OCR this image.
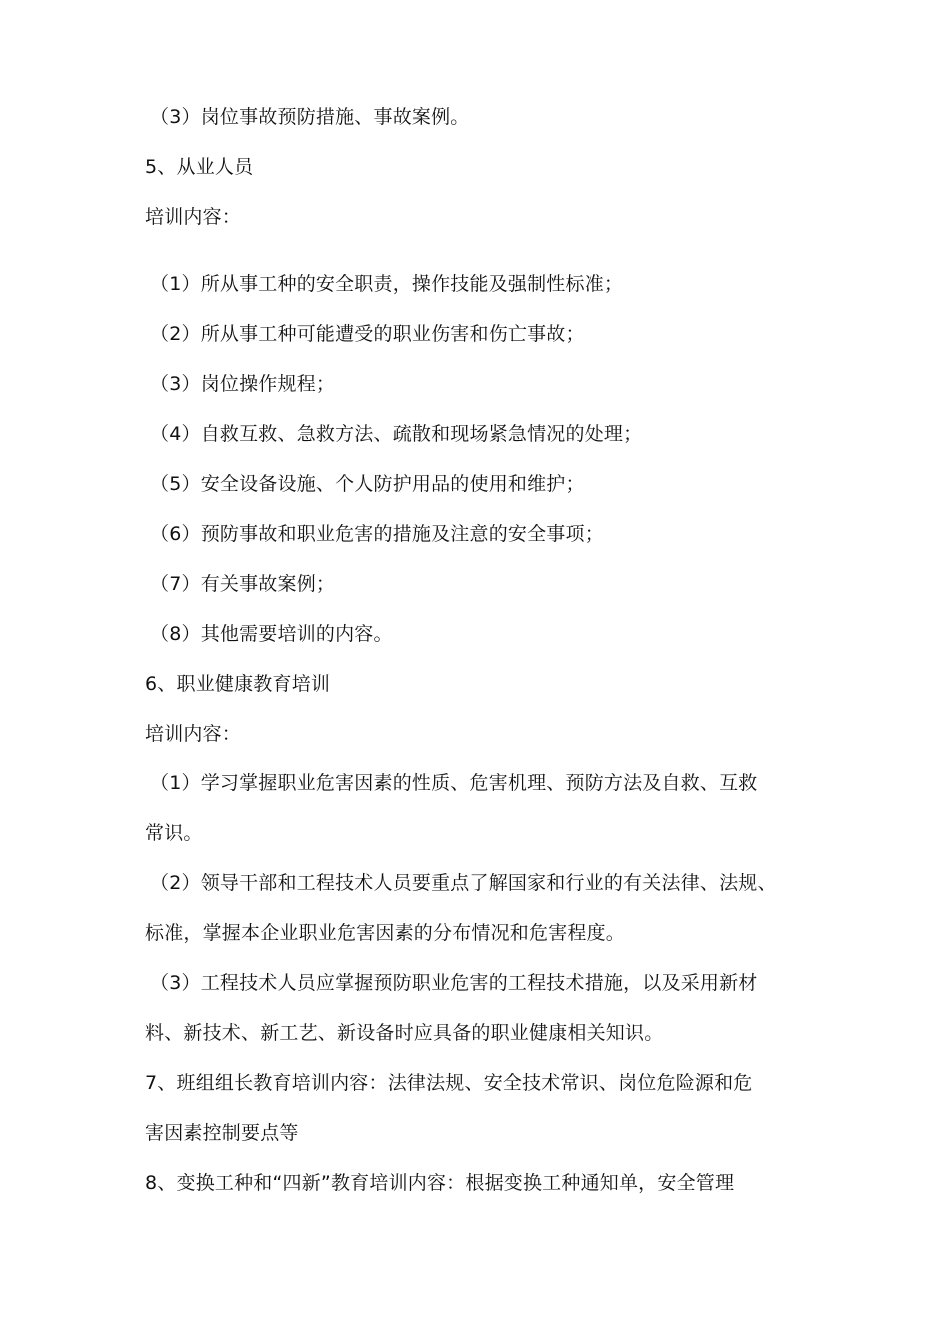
（3）岗位事故预防措施、事故案例。
5、从业人员
培训内容：
（1）所从事工种的安全职责，操作技能及强制性标准；
（2）所从事工种可能遭受的职业伤害和伤亡事故；
（3）岗位操作规程；
（4）自救互救、急救方法、疏散和现场紧急情况的处理；
（5）安全设备设施、个人防护用品的使用和维护；
（6）预防事故和职业危害的措施及注意的安全事项；
（7）有关事故案例；
（8）其他需要培训的内容。
6、职业健康教育培训
培训内容：
（1）学习掌握职业危害因素的性质、危害机理、预防方法及自救、互救
常识。
（2）领导干部和工程技术人员要重点了解国家和行业的有关法律、法规、
标准，掌握本企业职业危害因素的分布情况和危害程度。
（3）工程技术人员应掌握预防职业危害的工程技术措施，以及采用新材
料、新技术、新工艺、新设备时应具备的职业健康相关知识。
7、班组组长教育培训内容：法律法规、安全技术常识、岗位危险源和危
害因素控制要点等
8、变换工种和“四新”教育培训内容：根据变换工种通知单，安全管理
